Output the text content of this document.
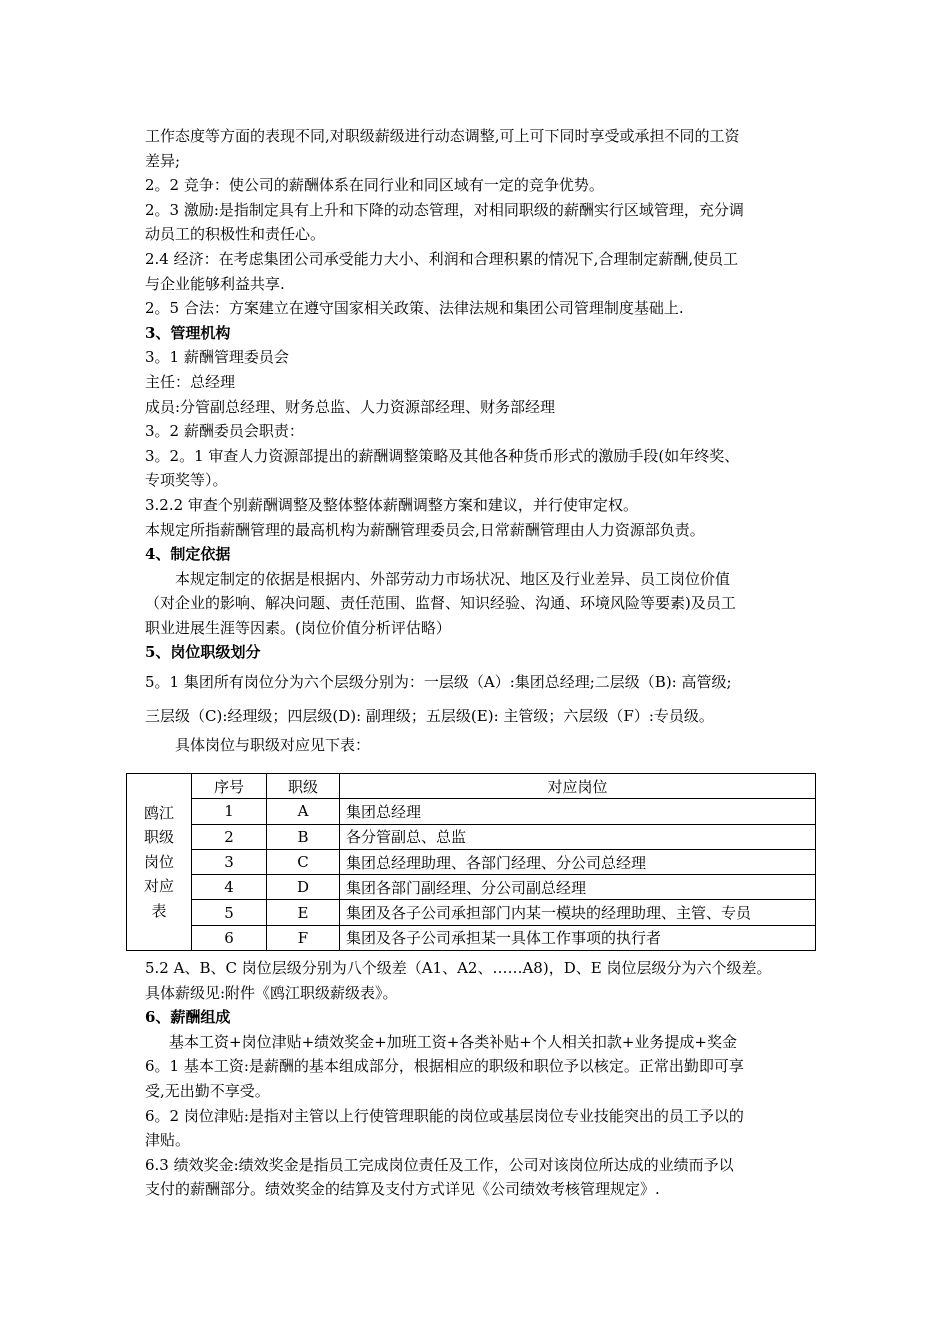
工作态度等方面的表现不同,对职级薪级进行动态调整,可上可下同时享受或承担不同的工资
差异;
2。2 竞争：使公司的薪酬体系在同行业和同区域有一定的竞争优势。
2。3 激励:是指制定具有上升和下降的动态管理，对相同职级的薪酬实行区域管理，充分调
动员工的积极性和责任心。
2.4 经济：在考虑集团公司承受能力大小、利润和合理积累的情况下,合理制定薪酬,使员工
与企业能够利益共享.
2。5 合法：方案建立在遵守国家相关政策、法律法规和集团公司管理制度基础上.
3、管理机构
3。1 薪酬管理委员会
主任：总经理
成员:分管副总经理、财务总监、人力资源部经理、财务部经理
3。2 薪酬委员会职责：
3。2。1 审查人力资源部提出的薪酬调整策略及其他各种货币形式的激励手段(如年终奖、
专项奖等）。
3.2.2 审查个别薪酬调整及整体整体薪酬调整方案和建议，并行使审定权。
本规定所指薪酬管理的最高机构为薪酬管理委员会,日常薪酬管理由人力资源部负责。
4、制定依据
本规定制定的依据是根据内、外部劳动力市场状况、地区及行业差异、员工岗位价值
（对企业的影响、解决问题、责任范围、监督、知识经验、沟通、环境风险等要素)及员工
职业进展生涯等因素。(岗位价值分析评估略）
5、岗位职级划分
5。1 集团所有岗位分为六个层级分别为：一层级（A）:集团总经理;二层级（B): 高管级;
三层级（C):经理级；四层级(D): 副理级；五层级(E): 主管级；六层级（F）:专员级。
具体岗位与职级对应见下表：
鸥江
职级
岗位
对应
表	序号	职级	对应岗位
	1	A	集团总经理
	2	B	各分管副总、总监
	3	C	集团总经理助理、各部门经理、分公司总经理
	4	D	集团各部门副经理、分公司副总经理
	5	E	集团及各子公司承担部门内某一模块的经理助理、主管、专员
	6	F	集团及各子公司承担某一具体工作事项的执行者
5.2 A、B、C 岗位层级分别为八个级差（A1、A2、……A8)，D、E 岗位层级分为六个级差。
具体薪级见:附件《鸥江职级薪级表》。
6、薪酬组成
基本工资+岗位津贴+绩效奖金+加班工资+各类补贴+个人相关扣款+业务提成+奖金
6。1 基本工资:是薪酬的基本组成部分，根据相应的职级和职位予以核定。正常出勤即可享
受,无出勤不享受。
6。2 岗位津贴:是指对主管以上行使管理职能的岗位或基层岗位专业技能突出的员工予以的
津贴。
6.3 绩效奖金:绩效奖金是指员工完成岗位责任及工作，公司对该岗位所达成的业绩而予以
支付的薪酬部分。绩效奖金的结算及支付方式详见《公司绩效考核管理规定》.
